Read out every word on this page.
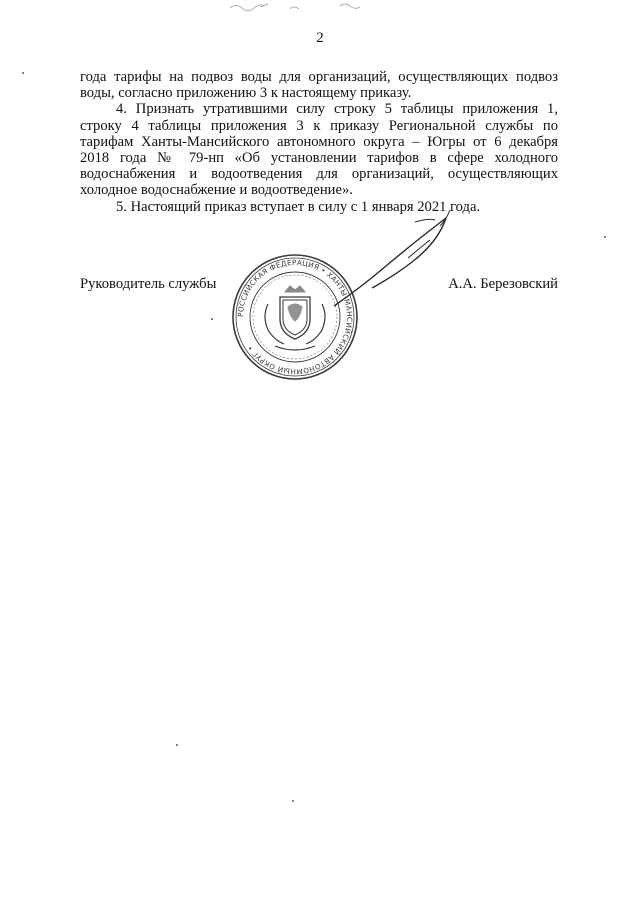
2

года тарифы на подвоз воды для организаций, осуществляющих подвоз воды, согласно приложению 3 к настоящему приказу.

4. Признать утратившими силу строку 5 таблицы приложения 1, строку 4 таблицы приложения 3 к приказу Региональной службы по тарифам Ханты-Мансийского автономного округа – Югры от 6 декабря 2018 года № 79-нп «Об установлении тарифов в сфере холодного водоснабжения и водоотведения для организаций, осуществляющих холодное водоснабжение и водоотведение».

5. Настоящий приказ вступает в силу с 1 января 2021 года.

Руководитель службы	А.А. Березовский
РОССИЙСКАЯ ФЕДЕРАЦИЯ • ХАНТЫ-МАНСИЙСКИЙ АВТОНОМНЫЙ ОКРУГ •
